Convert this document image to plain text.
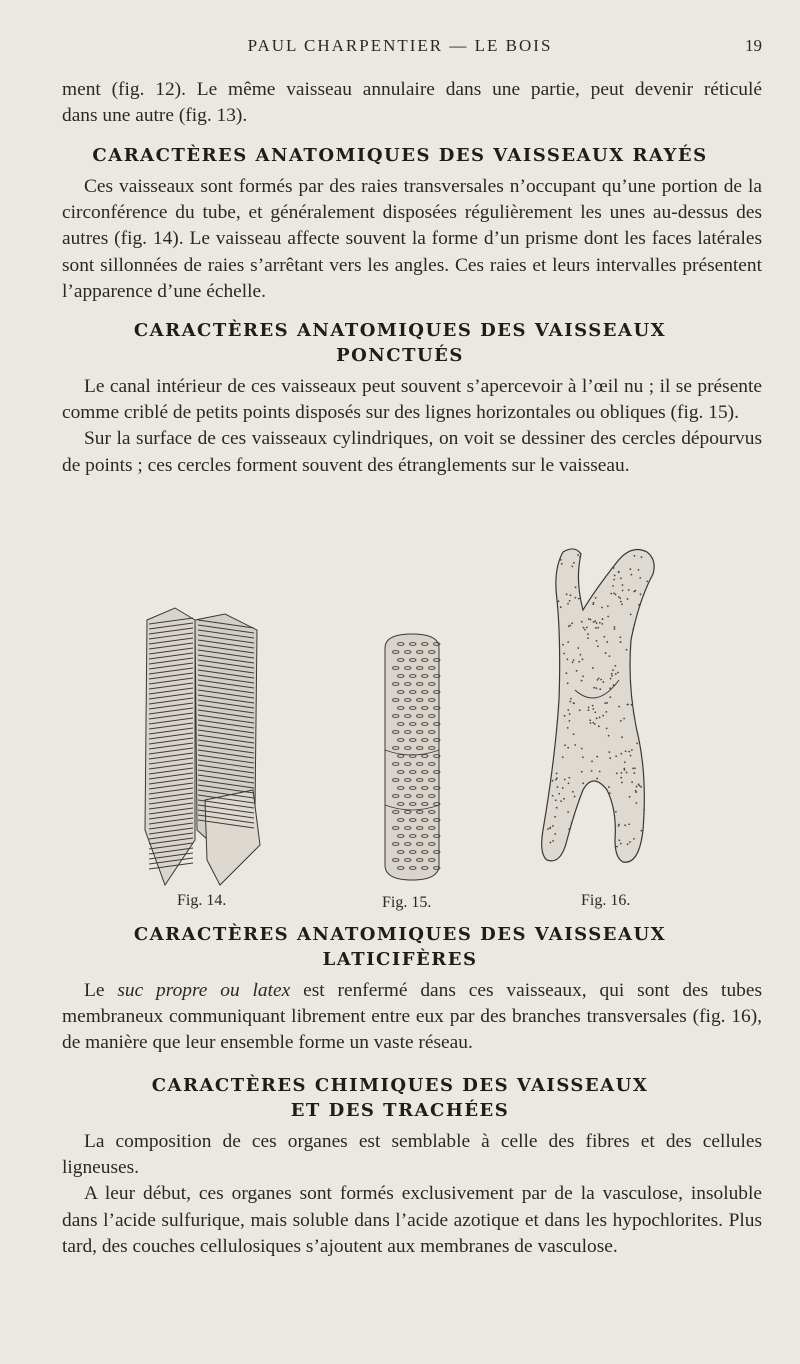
PAUL CHARPENTIER — LE BOIS	19

ment (fig. 12). Le même vaisseau annulaire dans une partie, peut devenir réticulé

dans une autre (fig. 13).

CARACTÈRES ANATOMIQUES DES VAISSEAUX RAYÉS

Ces vaisseaux sont formés par des raies transversales n’occupant qu’une portion de la circonférence du tube, et généralement disposées régulièrement les unes au-dessus des autres (fig. 14). Le vaisseau affecte souvent la forme d’un prisme dont les faces latérales sont sillonnées de raies s’arrêtant vers les angles. Ces raies et leurs intervalles présentent l’apparence d’une échelle.

CARACTÈRES ANATOMIQUES DES VAISSEAUX
PONCTUÉS

Le canal intérieur de ces vaisseaux peut souvent s’apercevoir à l’œil nu ; il se présente comme criblé de petits points disposés sur des lignes horizontales ou obliques (fig. 15).

Sur la surface de ces vaisseaux cylindriques, on voit se dessiner des cercles dépourvus de points ; ces cercles forment souvent des étranglements sur le vaisseau.

Fig. 14.	Fig. 15.	Fig. 16.
CARACTÈRES ANATOMIQUES DES VAISSEAUX
LATICIFÈRES

Le suc propre ou latex est renfermé dans ces vaisseaux, qui sont des tubes membraneux communiquant librement entre eux par des branches transversales (fig. 16), de manière que leur ensemble forme un vaste réseau.

CARACTÈRES CHIMIQUES DES VAISSEAUX
ET DES TRACHÉES

La composition de ces organes est semblable à celle des fibres et des cellules ligneuses.

A leur début, ces organes sont formés exclusivement par de la vasculose, insoluble dans l’acide sulfurique, mais soluble dans l’acide azotique et dans les hypochlorites. Plus tard, des couches cellulosiques s’ajoutent aux membranes de vasculose.
